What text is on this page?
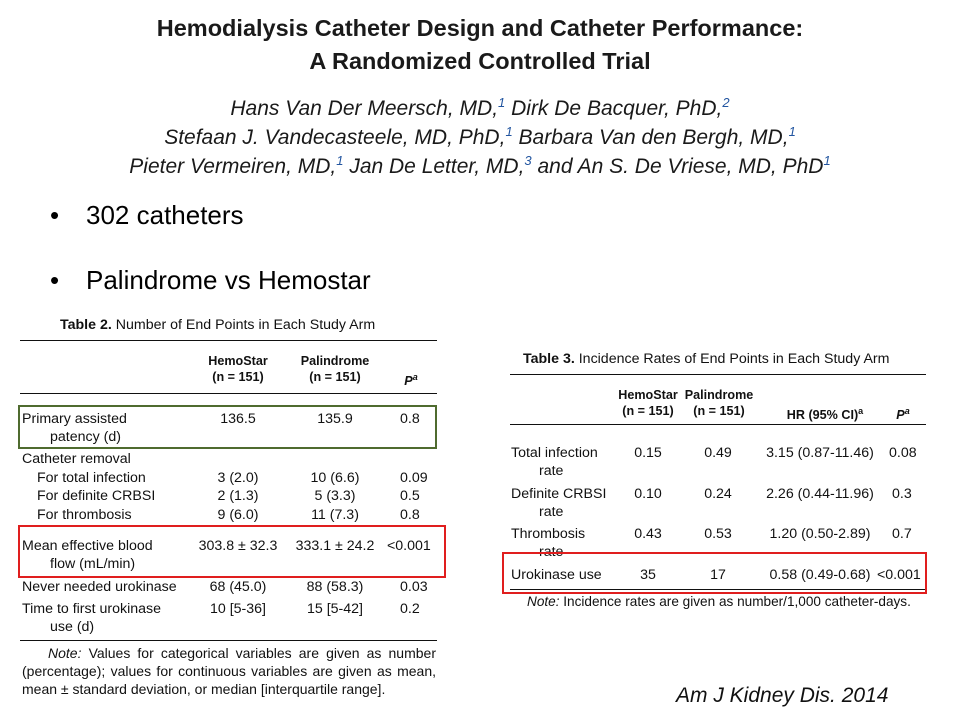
Hemodialysis Catheter Design and Catheter Performance:
A Randomized Controlled Trial
Hans Van Der Meersch, MD,$^1$ Dirk De Bacquer, PhD,$^2$
Stefaan J. Vandecasteele, MD, PhD,$^1$ Barbara Van den Bergh, MD,$^1$
Pieter Vermeiren, MD,$^1$ Jan De Letter, MD,$^3$ and An S. De Vriese, MD, PhD$^1$
• 302 catheters
• Palindrome vs Hemostar
Table 2. Number of End Points in Each Study Arm
HemoStar
(n = 151)
Palindrome
(n = 151)	$P^a$
Primary assisted
patency (d)
136.5	135.9	0.8
Catheter removal
For total infection	3 (2.0)	10 (6.6)	0.09
For definite CRBSI	2 (1.3)	5 (3.3)	0.5
For thrombosis	9 (6.0)	11 (7.3)	0.8
Mean effective blood
flow (mL/min)
303.8 ± 32.3	333.1 ± 24.2 <0.001
Never needed urokinase	68 (45.0)	88 (58.3)	0.03
Time to first urokinase
use (d)
10 [5-36]	15 [5-42]	0.2
Note: Values for categorical variables are given as number (percentage); values for continuous variables are given as mean, mean ± standard deviation, or median [interquartile range].
Table 3. Incidence Rates of End Points in Each Study Arm
HemoStar
(n = 151)
Palindrome
(n = 151)	HR (95% CI)$^a$	$P^a$
Total infection
rate
0.15	0.49	3.15 (0.87-11.46)	0.08
Definite CRBSI
rate
0.10	0.24	2.26 (0.44-11.96)	0.3
Thrombosis
rate
0.43	0.53	1.20 (0.50-2.89)	0.7
Urokinase use	35	17	0.58 (0.49-0.68) <0.001
Note: Incidence rates are given as number/1,000 catheter-days.
Am J Kidney Dis. 2014
